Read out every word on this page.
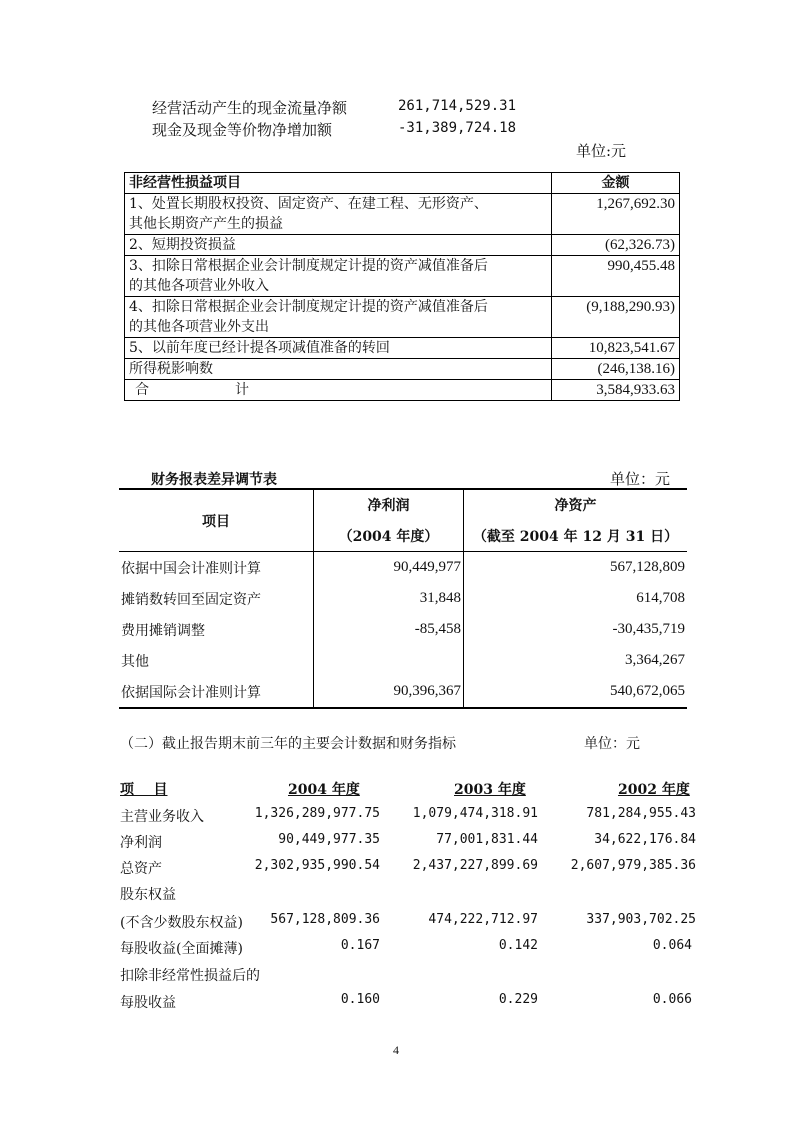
经营活动产生的现金流量净额	261,714,529.31
现金及现金等价物净增加额	-31,389,724.18
单位:元
非经营性损益项目	金额
1、处置长期股权投资、固定资产、在建工程、无形资产、
其他长期资产产生的损益	1,267,692.30
2、短期投资损益	(62,326.73)
3、扣除日常根据企业会计制度规定计提的资产减值准备后
的其他各项营业外收入	990,455.48
4、扣除日常根据企业会计制度规定计提的资产减值准备后
的其他各项营业外支出	(9,188,290.93)
5、以前年度已经计提各项减值准备的转回	10,823,541.67
所得税影响数	(246,138.16)
合 计	3,584,933.63
财务报表差异调节表	单位：元
项目	净利润	净资产
	（2004 年度）	（截至 2004 年 12 月 31 日）
依据中国会计准则计算	90,449,977	567,128,809
摊销数转回至固定资产	31,848	614,708
费用摊销调整	-85,458	-30,435,719
其他		3,364,267
依据国际会计准则计算	90,396,367	540,672,065
（二）截止报告期末前三年的主要会计数据和财务指标	单位：元
项    目	2004 年度	2003 年度	2002 年度
主营业务收入	1,326,289,977.75	1,079,474,318.91	781,284,955.43
净利润	90,449,977.35	77,001,831.44	34,622,176.84
总资产	2,302,935,990.54	2,437,227,899.69	2,607,979,385.36
股东权益
(不含少数股东权益) 567,128,809.36	474,222,712.97	337,903,702.25
每股收益(全面摊薄)	0.167	0.142	0.064
扣除非经常性损益后的
每股收益	0.160	0.229	0.066
4
